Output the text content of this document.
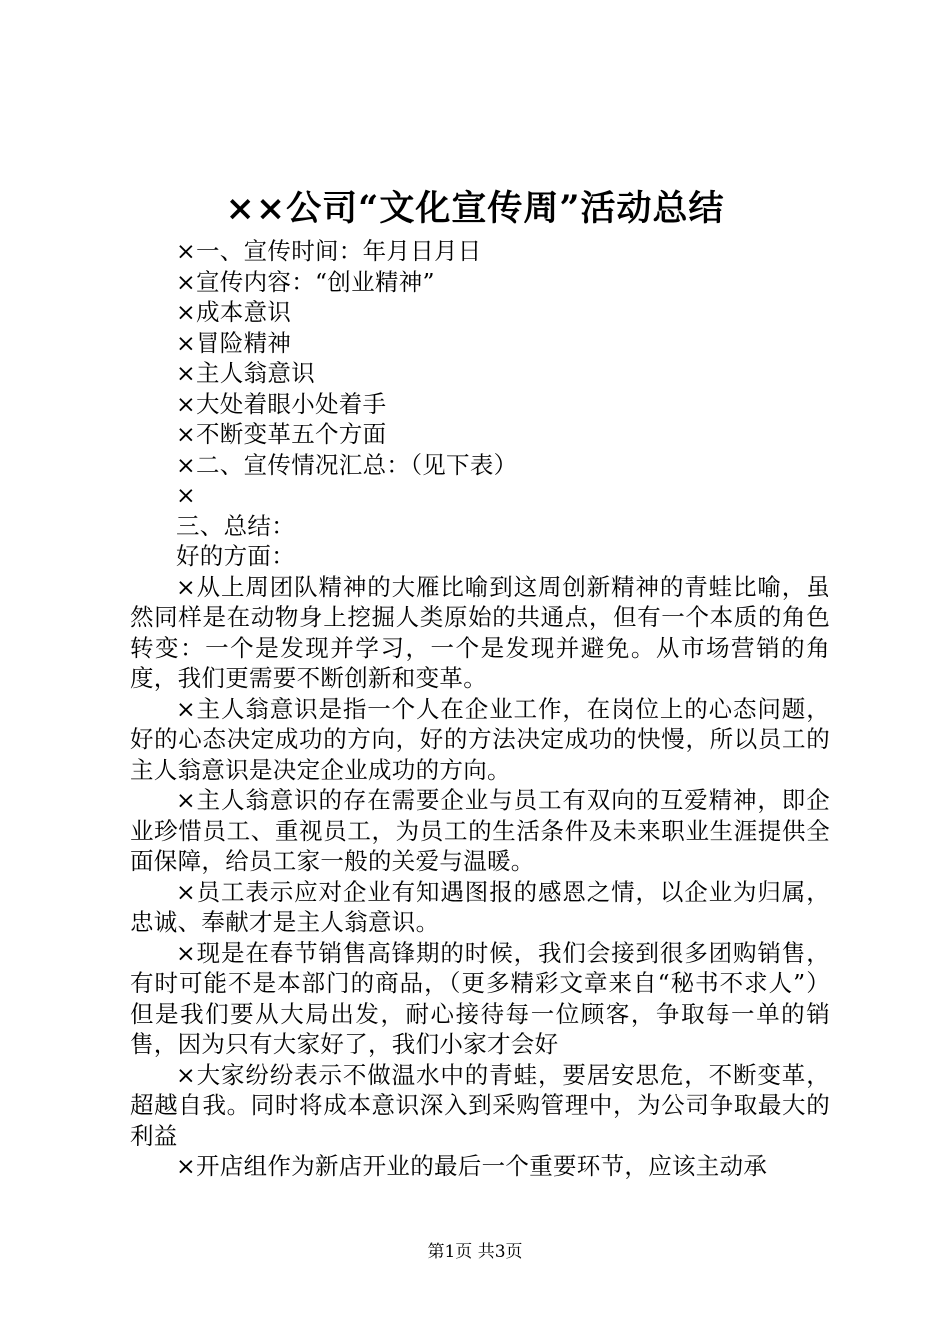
××公司“文化宣传周”活动总结

×一、宣传时间：年月日月日

×宣传内容：“创业精神”

×成本意识

×冒险精神

×主人翁意识

×大处着眼小处着手

×不断变革五个方面

×二、宣传情况汇总：（见下表）

×

三、总结：

好的方面：

×从上周团队精神的大雁比喻到这周创新精神的青蛙比喻，虽然同样是在动物身上挖掘人类原始的共通点，但有一个本质的角色转变：一个是发现并学习，一个是发现并避免。从市场营销的角度，我们更需要不断创新和变革。

×主人翁意识是指一个人在企业工作，在岗位上的心态问题，好的心态决定成功的方向，好的方法决定成功的快慢，所以员工的主人翁意识是决定企业成功的方向。

×主人翁意识的存在需要企业与员工有双向的互爱精神，即企业珍惜员工、重视员工，为员工的生活条件及未来职业生涯提供全面保障，给员工家一般的关爱与温暖。

×员工表示应对企业有知遇图报的感恩之情，以企业为归属，忠诚、奉献才是主人翁意识。

×现是在春节销售高锋期的时候，我们会接到很多团购销售，有时可能不是本部门的商品，（更多精彩文章来自“秘书不求人”）但是我们要从大局出发，耐心接待每一位顾客，争取每一单的销售，因为只有大家好了，我们小家才会好

×大家纷纷表示不做温水中的青蛙，要居安思危，不断变革，超越自我。同时将成本意识深入到采购管理中，为公司争取最大的利益

×开店组作为新店开业的最后一个重要环节，应该主动承

第1页 共3页
